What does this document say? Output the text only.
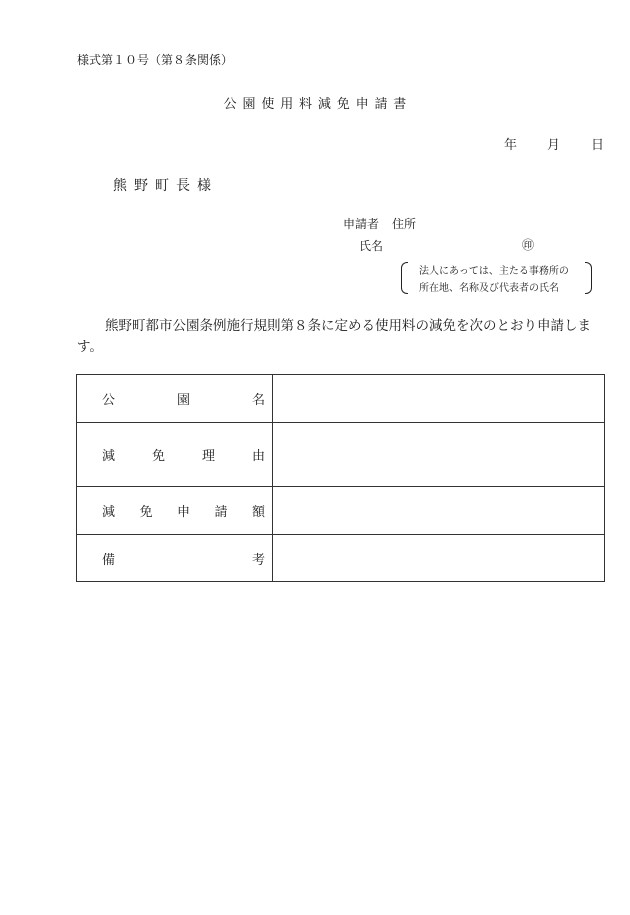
様式第１０号（第８条関係）
公園使用料減免申請書
年 月 日
熊野町長様
申請者 住所
氏名	㊞
法人にあっては、主たる事務所の
所在地、名称及び代表者の氏名
熊野町都市公園条例施行規則第８条に定める使用料の減免を次のとおり申請します。
公 園 名	

減 免 理 由	

減 免 申 請 額	

備 考	
